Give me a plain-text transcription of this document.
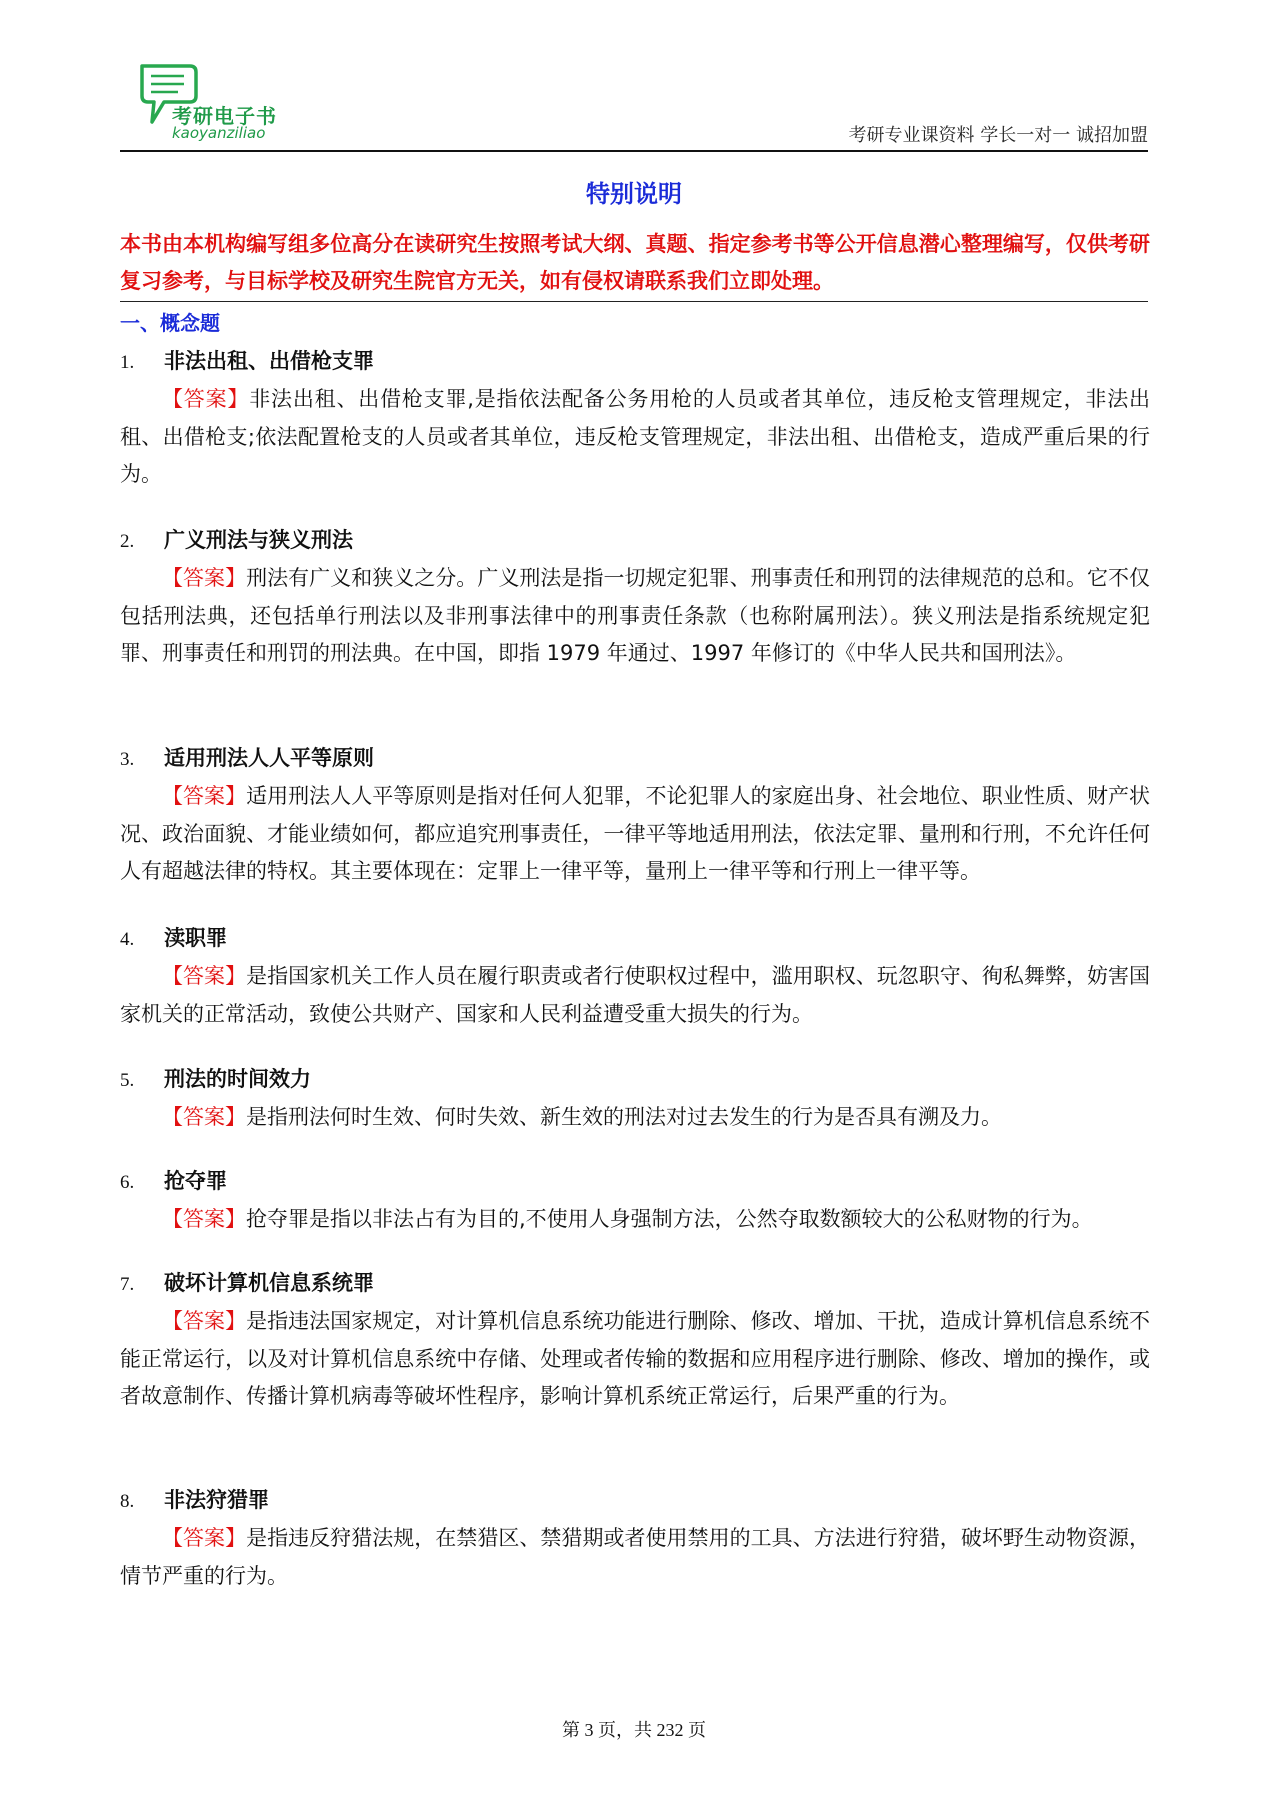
考研电子书
kaoyanziliao	考研专业课资料 学长一对一 诚招加盟
特别说明
本书由本机构编写组多位高分在读研究生按照考试大纲、真题、指定参考书等公开信息潜心整理编写，仅供考研复习参考，与目标学校及研究生院官方无关，如有侵权请联系我们立即处理。
一、概念题
1. 非法出租、出借枪支罪
【答案】非法出租、出借枪支罪,是指依法配备公务用枪的人员或者其单位，违反枪支管理规定，非法出租、出借枪支;依法配置枪支的人员或者其单位，违反枪支管理规定，非法出租、出借枪支，造成严重后果的行为。
2. 广义刑法与狭义刑法
【答案】刑法有广义和狭义之分。广义刑法是指一切规定犯罪、刑事责任和刑罚的法律规范的总和。它不仅包括刑法典，还包括单行刑法以及非刑事法律中的刑事责任条款（也称附属刑法）。狭义刑法是指系统规定犯罪、刑事责任和刑罚的刑法典。在中国，即指 1979 年通过、1997 年修订的《中华人民共和国刑法》。
3. 适用刑法人人平等原则
【答案】适用刑法人人平等原则是指对任何人犯罪，不论犯罪人的家庭出身、社会地位、职业性质、财产状况、政治面貌、才能业绩如何，都应追究刑事责任，一律平等地适用刑法，依法定罪、量刑和行刑，不允许任何人有超越法律的特权。其主要体现在：定罪上一律平等，量刑上一律平等和行刑上一律平等。
4. 渎职罪
【答案】是指国家机关工作人员在履行职责或者行使职权过程中，滥用职权、玩忽职守、徇私舞弊，妨害国家机关的正常活动，致使公共财产、国家和人民利益遭受重大损失的行为。
5. 刑法的时间效力
【答案】是指刑法何时生效、何时失效、新生效的刑法对过去发生的行为是否具有溯及力。
6. 抢夺罪
【答案】抢夺罪是指以非法占有为目的,不使用人身强制方法，公然夺取数额较大的公私财物的行为。
7. 破坏计算机信息系统罪
【答案】是指违法国家规定，对计算机信息系统功能进行删除、修改、增加、干扰，造成计算机信息系统不能正常运行，以及对计算机信息系统中存储、处理或者传输的数据和应用程序进行删除、修改、增加的操作，或者故意制作、传播计算机病毒等破坏性程序，影响计算机系统正常运行，后果严重的行为。
8. 非法狩猎罪
【答案】是指违反狩猎法规，在禁猎区、禁猎期或者使用禁用的工具、方法进行狩猎，破坏野生动物资源，情节严重的行为。
第 3 页，共 232 页
